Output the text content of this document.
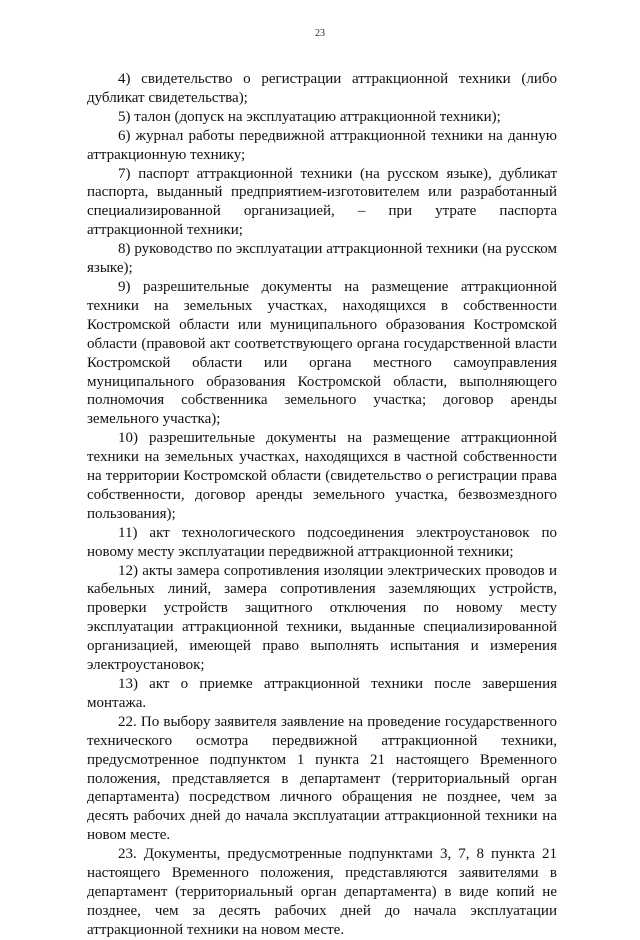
23

4) свидетельство о регистрации аттракционной техники (либо дубликат свидетельства);

5) талон (допуск на эксплуатацию аттракционной техники);

6) журнал работы передвижной аттракционной техники на данную аттракционную технику;

7) паспорт аттракционной техники (на русском языке), дубликат паспорта, выданный предприятием-изготовителем или разработанный специализированной организацией, – при утрате паспорта аттракционной техники;

8) руководство по эксплуатации аттракционной техники (на русском языке);

9) разрешительные документы на размещение аттракционной техники на земельных участках, находящихся в собственности Костромской области или муниципального образования Костромской области (правовой акт соответствующего органа государственной власти Костромской области или органа местного самоуправления муниципального образования Костромской области, выполняющего полномочия собственника земельного участка; договор аренды земельного участка);

10) разрешительные документы на размещение аттракционной техники на земельных участках, находящихся в частной собственности на территории Костромской области (свидетельство о регистрации права собственности, договор аренды земельного участка, безвозмездного пользования);

11) акт технологического подсоединения электроустановок по новому месту эксплуатации передвижной аттракционной техники;

12) акты замера сопротивления изоляции электрических проводов и кабельных линий, замера сопротивления заземляющих устройств, проверки устройств защитного отключения по новому месту эксплуатации аттракционной техники, выданные специализированной организацией, имеющей право выполнять испытания и измерения электроустановок;

13) акт о приемке аттракционной техники после завершения монтажа.

22. По выбору заявителя заявление на проведение государственного технического осмотра передвижной аттракционной техники, предусмотренное подпунктом 1 пункта 21 настоящего Временного положения, представляется в департамент (территориальный орган департамента) посредством личного обращения не позднее, чем за десять рабочих дней до начала эксплуатации аттракционной техники на новом месте.

23. Документы, предусмотренные подпунктами 3, 7, 8 пункта 21 настоящего Временного положения, представляются заявителями в департамент (территориальный орган департамента) в виде копий не позднее, чем за десять рабочих дней до начала эксплуатации аттракционной техники на новом месте.
